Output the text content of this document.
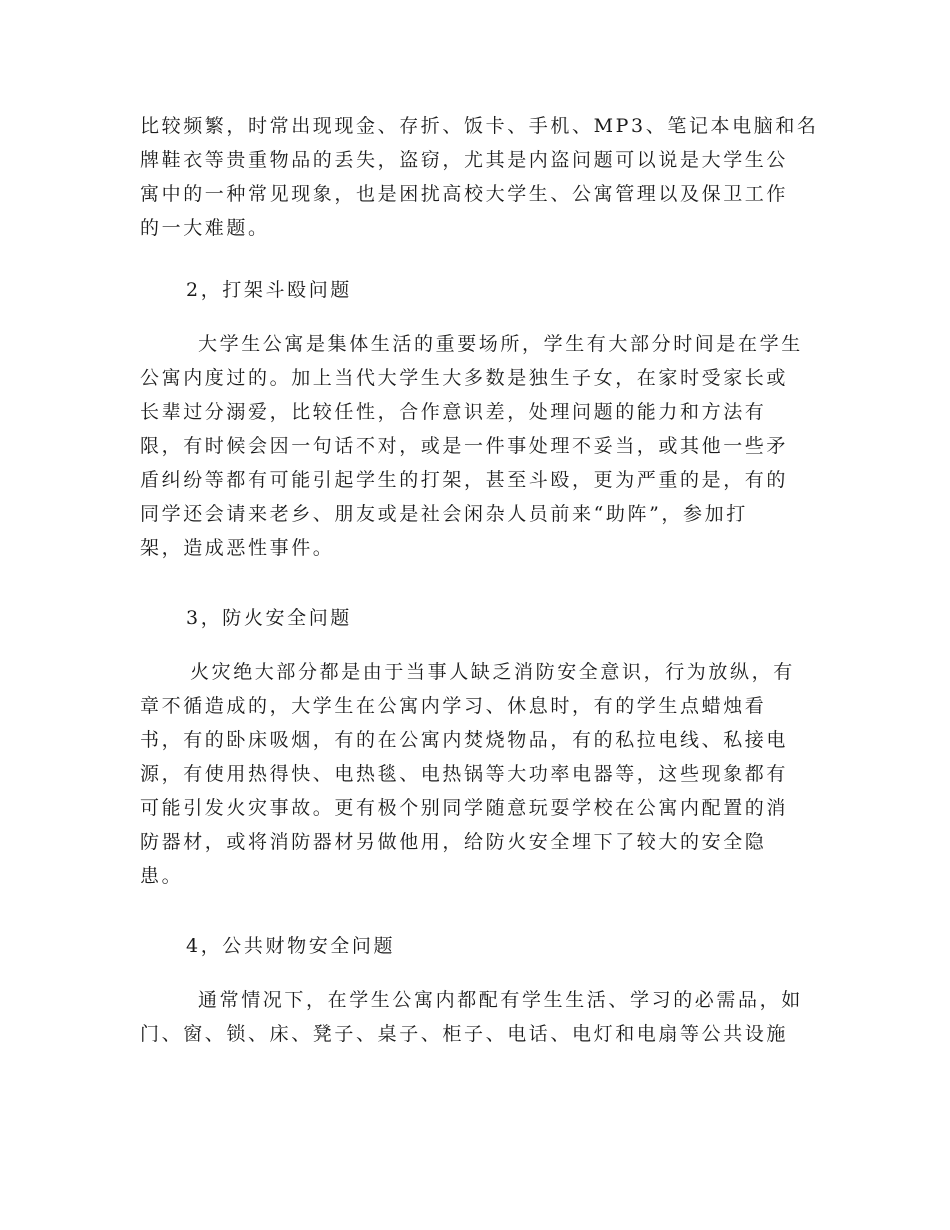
比较频繁，时常出现现金、存折、饭卡、手机、MP3、笔记本电脑和名
牌鞋衣等贵重物品的丢失，盗窃，尤其是内盗问题可以说是大学生公
寓中的一种常见现象，也是困扰高校大学生、公寓管理以及保卫工作
的一大难题。
2，打架斗殴问题
大学生公寓是集体生活的重要场所，学生有大部分时间是在学生
公寓内度过的。加上当代大学生大多数是独生子女，在家时受家长或
长辈过分溺爱，比较任性，合作意识差，处理问题的能力和方法有
限，有时候会因一句话不对，或是一件事处理不妥当，或其他一些矛
盾纠纷等都有可能引起学生的打架，甚至斗殴，更为严重的是，有的
同学还会请来老乡、朋友或是社会闲杂人员前来“助阵”，参加打
架，造成恶性事件。
3，防火安全问题
火灾绝大部分都是由于当事人缺乏消防安全意识，行为放纵，有
章不循造成的，大学生在公寓内学习、休息时，有的学生点蜡烛看
书，有的卧床吸烟，有的在公寓内焚烧物品，有的私拉电线、私接电
源，有使用热得快、电热毯、电热锅等大功率电器等，这些现象都有
可能引发火灾事故。更有极个别同学随意玩耍学校在公寓内配置的消
防器材，或将消防器材另做他用，给防火安全埋下了较大的安全隐
患。
4，公共财物安全问题
通常情况下，在学生公寓内都配有学生生活、学习的必需品，如
门、窗、锁、床、凳子、桌子、柜子、电话、电灯和电扇等公共设施
